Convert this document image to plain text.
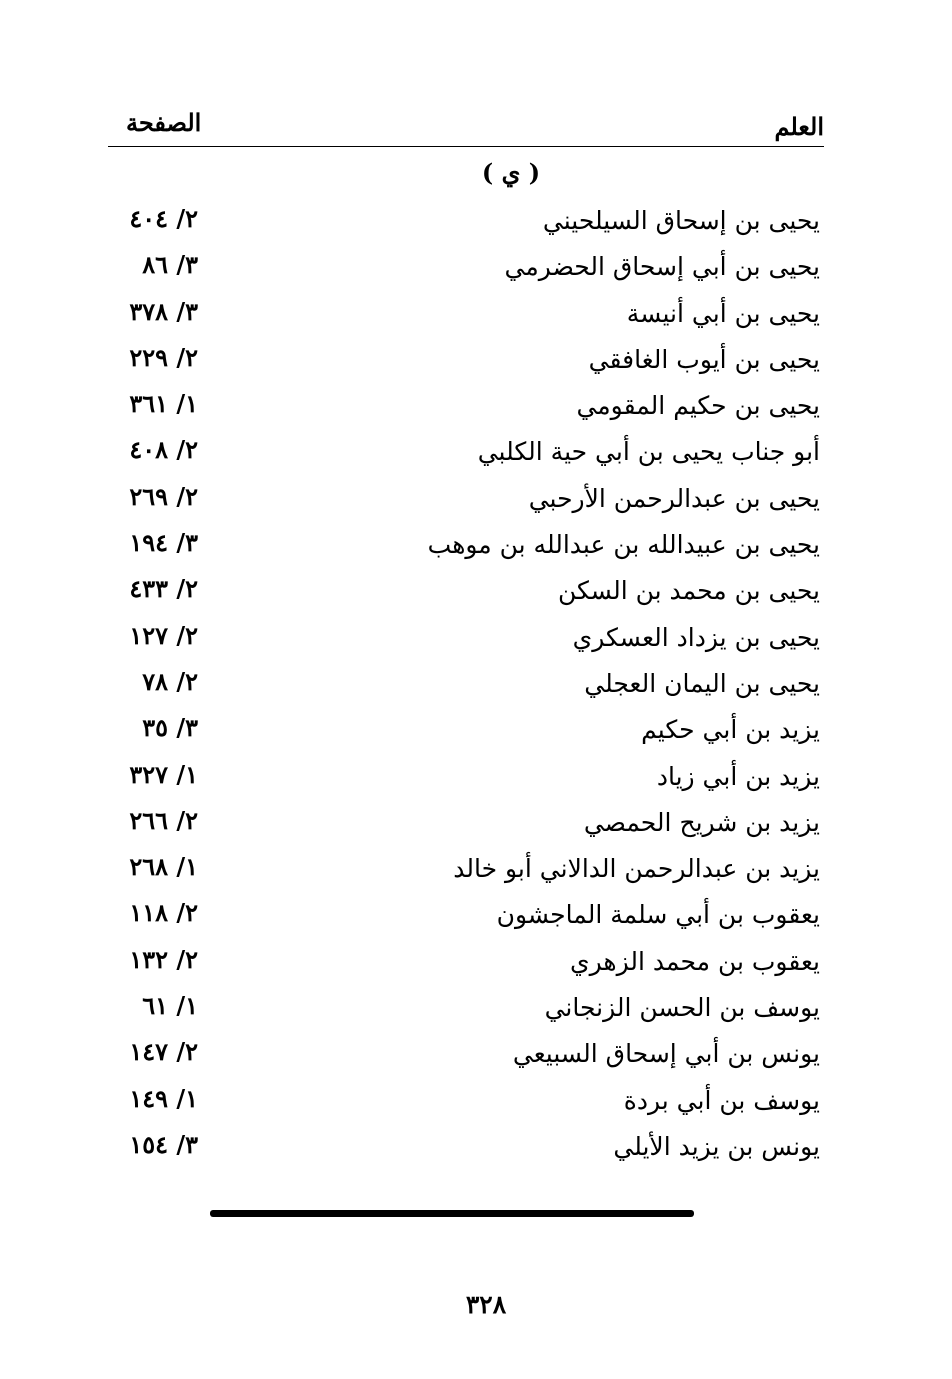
العلم
الصفحة
( ي )
يحيى بن إسحاق السيلحيني
٢/ ٤٠٤
يحيى بن أبي إسحاق الحضرمي
٣/ ٨٦
يحيى بن أبي أنيسة
٣/ ٣٧٨
يحيى بن أيوب الغافقي
٢/ ٢٢٩
يحيى بن حكيم المقومي
١/ ٣٦١
أبو جناب يحيى بن أبي حية الكلبي
٢/ ٤٠٨
يحيى بن عبدالرحمن الأرحبي
٢/ ٢٦٩
يحيى بن عبيدالله بن عبدالله بن موهب
٣/ ١٩٤
يحيى بن محمد بن السكن
٢/ ٤٣٣
يحيى بن يزداد العسكري
٢/ ١٢٧
يحيى بن اليمان العجلي
٢/ ٧٨
يزيد بن أبي حكيم
٣/ ٣٥
يزيد بن أبي زياد
١/ ٣٢٧
يزيد بن شريح الحمصي
٢/ ٢٦٦
يزيد بن عبدالرحمن الدالاني أبو خالد
١/ ٢٦٨
يعقوب بن أبي سلمة الماجشون
٢/ ١١٨
يعقوب بن محمد الزهري
٢/ ١٣٢
يوسف بن الحسن الزنجاني
١/ ٦١
يونس بن أبي إسحاق السبيعي
٢/ ١٤٧
يوسف بن أبي بردة
١/ ١٤٩
يونس بن يزيد الأيلي
٣/ ١٥٤
٣٢٨
